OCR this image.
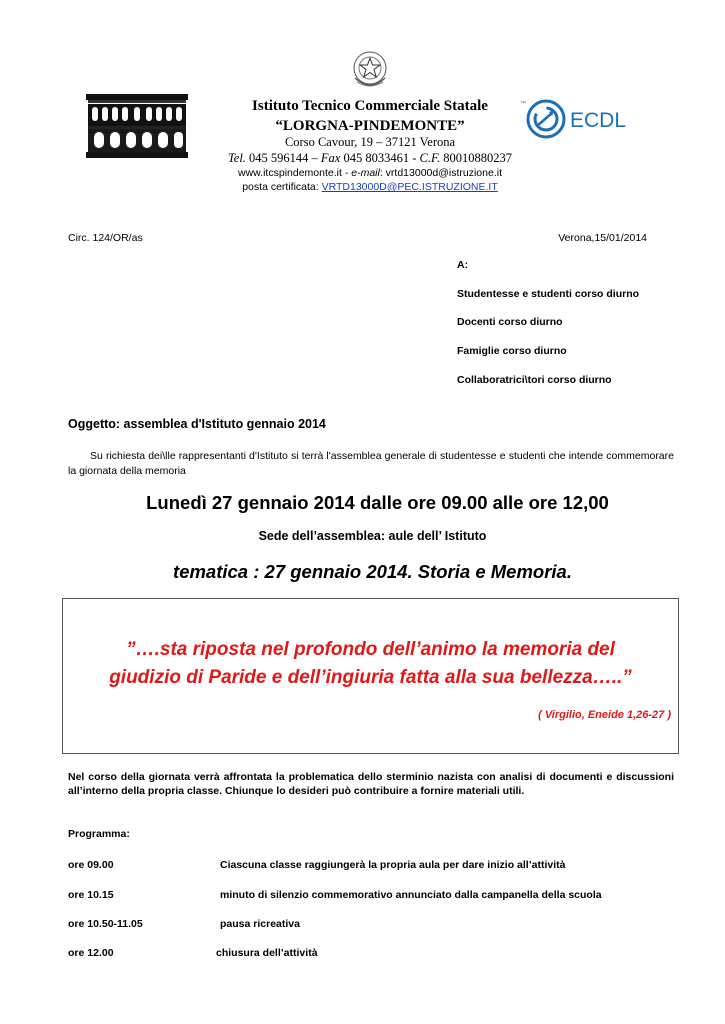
™
ECDL
Istituto Tecnico Commerciale Statale
“LORGNA-PINDEMONTE”
Corso Cavour, 19 – 37121 Verona
Tel. 045 596144 – Fax 045 8033461 - C.F. 80010880237
www.itcspindemonte.it - e-mail: vrtd13000d@istruzione.it
posta certificata: VRTD13000D@PEC.ISTRUZIONE.IT
Circ. 124/OR/as	Verona,15/01/2014
A:
Studentesse e studenti corso diurno
Docenti corso diurno
Famiglie corso diurno
Collaboratrici\tori corso diurno
Oggetto: assemblea d'Istituto gennaio 2014
Su richiesta dei\lle rappresentanti d'Istituto si terrà l'assemblea generale di studentesse e studenti che intende commemorare la giornata della memoria
Lunedì 27 gennaio 2014 dalle ore 09.00 alle ore 12,00
Sede dell’assemblea: aule dell’ Istituto
tematica : 27 gennaio 2014. Storia e Memoria.
”….sta riposta nel profondo dell’animo la memoria del
giudizio di Paride e dell’ingiuria fatta alla sua bellezza…..”
( Virgilio, Eneide 1,26-27 )
Nel corso della giornata verrà affrontata la problematica dello sterminio nazista con analisi di documenti e discussioni all’interno della propria classe. Chiunque lo desideri può contribuire a fornire materiali utili.
Programma:
ore 09.00	Ciascuna classe raggiungerà la propria aula per dare inizio all’attività
ore 10.15	minuto di silenzio commemorativo annunciato dalla campanella della scuola
ore 10.50-11.05	pausa ricreativa
ore 12.00	chiusura dell’attività
